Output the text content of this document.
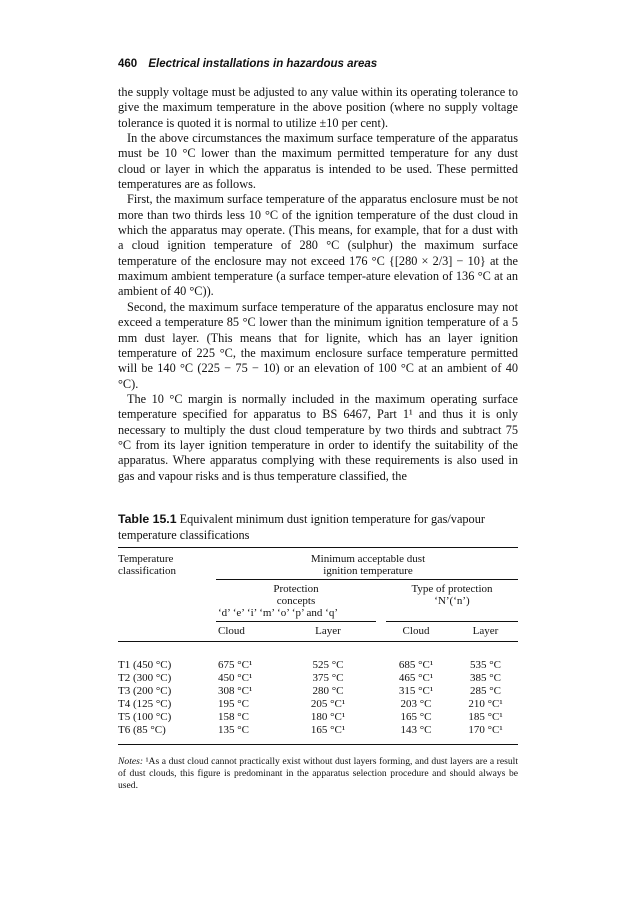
460 Electrical installations in hazardous areas

the supply voltage must be adjusted to any value within its operating tolerance to give the maximum temperature in the above position (where no supply voltage tolerance is quoted it is normal to utilize ±10 per cent).

In the above circumstances the maximum surface temperature of the apparatus must be 10 °C lower than the maximum permitted temperature for any dust cloud or layer in which the apparatus is intended to be used. These permitted temperatures are as follows.

First, the maximum surface temperature of the apparatus enclosure must be not more than two thirds less 10 °C of the ignition temperature of the dust cloud in which the apparatus may operate. (This means, for example, that for a dust with a cloud ignition temperature of 280 °C (sulphur) the maximum surface temperature of the enclosure may not exceed 176 °C {[280 × 2/3] − 10} at the maximum ambient temperature (a surface temper-ature elevation of 136 °C at an ambient of 40 °C)).

Second, the maximum surface temperature of the apparatus enclosure may not exceed a temperature 85 °C lower than the minimum ignition temperature of a 5 mm dust layer. (This means that for lignite, which has an layer ignition temperature of 225 °C, the maximum enclosure surface temperature permitted will be 140 °C (225 − 75 − 10) or an elevation of 100 °C at an ambient of 40 °C).

The 10 °C margin is normally included in the maximum operating surface temperature specified for apparatus to BS 6467, Part 1¹ and thus it is only necessary to multiply the dust cloud temperature by two thirds and subtract 75 °C from its layer ignition temperature in order to identify the suitability of the apparatus. Where apparatus complying with these requirements is also used in gas and vapour risks and is thus temperature classified, the

Table 15.1 Equivalent minimum dust ignition temperature for gas/vapour temperature classifications
Temperature
classification
Minimum acceptable dust
ignition temperature
Protection
concepts
‘d’ ‘e’ ‘i’ ‘m’ ‘o’ ‘p’ and ‘q’
Type of protection
‘N’(‘n’)
Cloud	Layer	Cloud	Layer
T1 (450 °C)	675 °C¹	525 °C	685 °C¹	535 °C
T2 (300 °C)	450 °C¹	375 °C	465 °C¹	385 °C
T3 (200 °C)	308 °C¹	280 °C	315 °C¹	285 °C
T4 (125 °C)	195 °C	205 °C¹	203 °C	210 °C¹
T5 (100 °C)	158 °C	180 °C¹	165 °C	185 °C¹
T6 (85 °C)	135 °C	165 °C¹	143 °C	170 °C¹
Notes: ¹As a dust cloud cannot practically exist without dust layers forming, and dust layers are a result of dust clouds, this figure is predominant in the apparatus selection procedure and should always be used.
